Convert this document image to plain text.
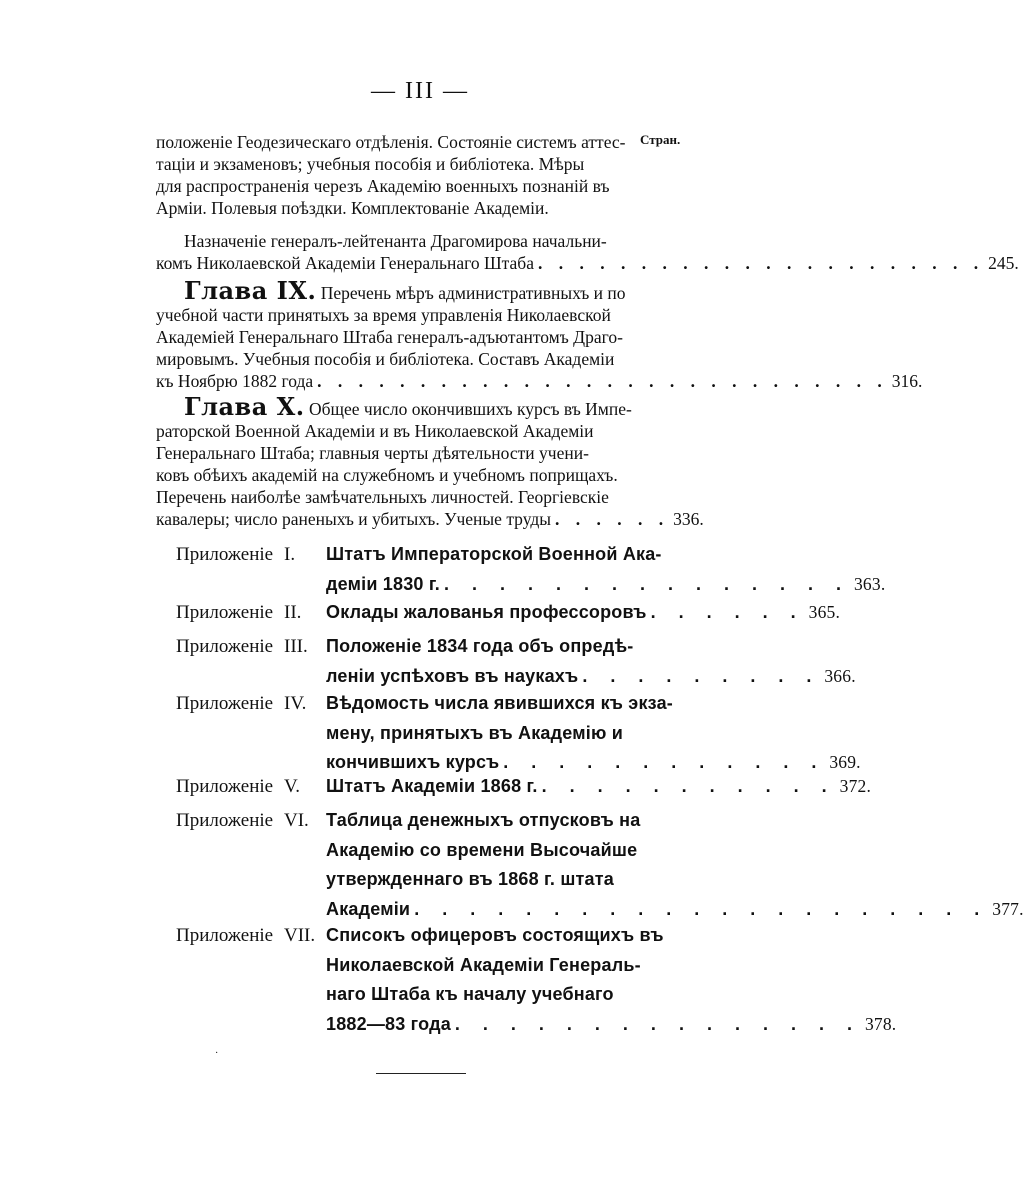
— III —
Стран.
положеніе Геодезическаго отдѣленія. Состояніе системъ аттес-
таціи и экзаменовъ; учебныя пособія и библіотека. Мѣры
для распространенія черезъ Академію военныхъ познаній въ
Арміи. Полевыя поѣздки. Комплектованіе Академіи.
Назначеніе генералъ-лейтенанта Драгомирова начальни-
комъ Николаевской Академіи Генеральнаго Штаба . . . . . . . . . . . . . . . . . . . . . . 245.
Глава IX. Перечень мѣръ административныхъ и по
учебной части принятыхъ за время управленія Николаевской
Академіей Генеральнаго Штаба генералъ-адъютантомъ Драго-
мировымъ. Учебныя пособія и библіотека. Составъ Академіи
къ Ноябрю 1882 года . . . . . . . . . . . . . . . . . . . . . . . . . . . . 316.
Глава X. Общее число окончившихъ курсъ въ Импе-
раторской Военной Академіи и въ Николаевской Академіи
Генеральнаго Штаба; главныя черты дѣятельности учени-
ковъ обѣихъ академій на служебномъ и учебномъ поприщахъ.
Перечень наиболѣе замѣчательныхъ личностей. Георгіевскіе
кавалеры; число раненыхъ и убитыхъ. Ученые труды . . . . . . 336.
Приложеніе I.	Штатъ Императорской Военной Ака-
деміи 1830 г. . . . . . . . . . . . . . . . 363.
Приложеніе II.	Оклады жалованья профессоровъ . . . . . . 365.
Приложеніе III.	Положеніе 1834 года объ опредѣ-
леніи успѣховъ въ наукахъ . . . . . . . . . 366.
Приложеніе IV.	Вѣдомость числа явившихся къ экза-
мену, принятыхъ въ Академію и
кончившихъ курсъ . . . . . . . . . . . . 369.
Приложеніе V.	Штатъ Академіи 1868 г. . . . . . . . . . . . 372.
Приложеніе VI. Таблица денежныхъ отпусковъ на
Академію со времени Высочайше
утвержденнаго въ 1868 г. штата
Академіи . . . . . . . . . . . . . . . . . . . . . 377.
Приложеніе VII. Списокъ офицеровъ состоящихъ въ
Николаевской Академіи Генераль-
наго Штаба къ началу учебнаго
1882—83 года . . . . . . . . . . . . . . . 378.
·
